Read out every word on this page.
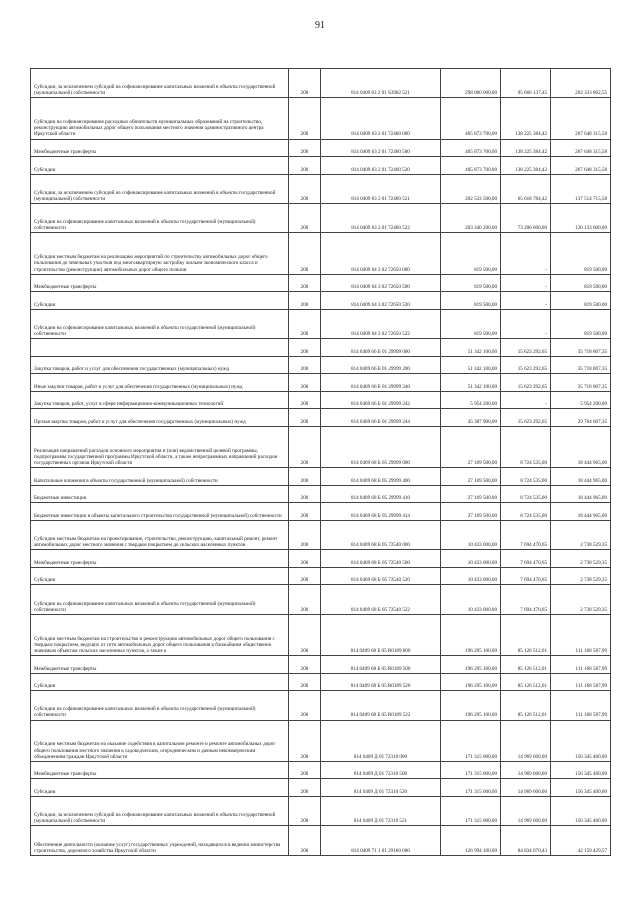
91
Субсидии, за исключением субсидий на софинансирование капитальных вложений в объекты государственной (муниципальной) собственности	200	814 0409 63 2 01 S3902 521	298 000 000,00	95 666 137,45	202 333 862,55
Субсидии на софинансирование расходных обязательств муниципальных образований на строительство, реконструкцию автомобильных дорог общего пользования местного значения административного центра Иркутской области	200	814 0409 63 2 01 72460 000	405 873 700,00	138 225 384,42	267 648 315,58
Межбюджетные трансферты	200	814 0409 63 2 01 72460 500	405 873 700,00	138 225 384,42	267 648 315,58
Субсидии	200	814 0409 63 2 01 72460 520	405 873 700,00	138 225 384,42	267 648 315,58
Субсидии, за исключением субсидий на софинансирование капитальных вложений в объекты государственной (муниципальной) собственности	200	814 0409 63 2 01 72460 521	202 533 500,00	65 018 784,42	137 514 715,58
Субсидии на софинансирование капитальных вложений в объекты государственной (муниципальной) собственности	200	814 0409 63 2 01 72460 522	203 340 200,00	73 206 600,00	130 133 600,00
Субсидии местным бюджетам на реализацию мероприятий по строительству автомобильных дорог общего пользования до земельных участков под многоквартирную застройку жильем экономического класса и строительство (реконструкции) автомобильных дорог общего пользов	200	814 0409 64 3 02 72650 000	819 500,00	-	819 500,00
Межбюджетные трансферты	200	814 0409 64 3 02 72650 500	819 500,00	-	819 500,00
Субсидии	200	814 0409 64 3 02 72650 520	819 500,00	-	819 500,00
Субсидии на софинансирование капитальных вложений в объекты государственной (муниципальной) собственности	200	814 0409 64 3 02 72650 522	819 500,00	-	819 500,00
	200	814 0409 66 Б 01 29999 000	51 342 100,00	15 623 292,65	35 718 807,35
Закупка товаров, работ и услуг для обеспечения государственных (муниципальных) нужд	200	814 0409 66 Б 01 29999 200	51 342 100,00	15 623 292,65	35 718 807,35
Иные закупки товаров, работ и услуг для обеспечения государственных (муниципальных) нужд	200	814 0409 66 Б 01 29999 240	51 342 100,00	15 623 292,65	35 718 807,35
Закупка товаров, работ, услуг в сфере информационно-коммуникационных технологий	200	814 0409 66 Б 01 29999 242	5 954 200,00	-	5 954 200,00
Прочая закупка товаров, работ и услуг для обеспечения государственных (муниципальных) нужд	200	814 0409 66 Б 01 29999 244	45 387 900,00	15 623 292,65	29 764 607,35
Реализация направлений расходов основного мероприятия и (или) ведомственной целевой программы, подпрограммы государственной программы Иркутской области, а также непрограммных направлений расходов государственных органов Иркутской области	200	814 0409 68 Б 05 29999 000	27 169 500,00	8 724 535,00	18 444 965,00
Капитальные вложения в объекты государственной (муниципальной) собственности	200	814 0409 68 Б 05 29999 400	27 169 500,00	8 724 535,00	18 444 965,00
Бюджетные инвестиции	200	814 0409 68 Б 05 29999 410	27 169 500,00	8 724 535,00	18 444 965,00
Бюджетные инвестиции в объекты капитального строительства государственной (муниципальной) собственности	200	814 0409 68 Б 05 29999 414	27 169 500,00	8 724 535,00	18 444 965,00
Субсидии местным бюджетам на проектирование, строительство, реконструкцию, капитальный ремонт, ремонт автомобильных дорог местного значения с твердым покрытием до сельских населенных пунктов	200	814 0409 68 Б 05 72540 000	10 433 000,00	7 694 470,65	2 738 529,35
Межбюджетные трансферты	200	814 0409 68 Б 05 72540 500	10 433 000,00	7 694 470,65	2 738 529,35
Субсидии	200	814 0409 68 Б 05 72540 520	10 433 000,00	7 694 470,65	2 738 529,35
Субсидии на софинансирование капитальных вложений в объекты государственной (муниципальной) собственности	200	814 0409 68 Б 05 72540 522	10 433 000,00	7 694 470,65	2 738 529,35
Субсидии местным бюджетам на строительство и реконструкцию автомобильных дорог общего пользования с твердым покрытием, ведущих от сети автомобильных дорог общего пользования к ближайшим общественно значимым объектам сельских населенных пунктов, а также к	200	814 0409 68 Б 05 R0189 000	196 295 100,00	85 126 512,01	111 168 587,99
Межбюджетные трансферты	200	814 0409 68 Б 05 R0189 500	196 295 100,00	85 126 512,01	111 168 587,99
Субсидии	200	814 0409 68 Б 05 R0189 520	196 295 100,00	85 126 512,01	111 168 587,99
Субсидии на софинансирование капитальных вложений в объекты государственной (муниципальной) собственности	200	814 0409 68 Б 05 R0189 522	196 295 100,00	85 126 512,01	111 168 587,99
Субсидии местным бюджетам на оказание содействия в капитальном ремонте и ремонте автомобильных дорог общего пользования местного значения к садоводческим, огородническим и дачным некоммерческим объединениям граждан Иркутской области	200	814 0409 Д 01 72310 000	171 315 000,00	14 969 600,00	156 345 400,00
Межбюджетные трансферты	200	814 0409 Д 01 72310 500	171 315 000,00	14 969 600,00	156 345 400,00
Субсидии	200	814 0409 Д 01 72310 520	171 315 000,00	14 969 600,00	156 345 400,00
Субсидии, за исключением субсидий на софинансирование капитальных вложений в объекты государственной (муниципальной) собственности	200	814 0409 Д 01 72310 521	171 315 000,00	14 969 600,00	156 345 400,00
Обеспечение деятельности (оказание услуг) государственных учреждений, находящихся в ведении министерства строительства, дорожного хозяйства Иркутской области	200	814 0409 71 1 01 29160 000	126 994 100,00	84 834 670,43	42 159 429,57
